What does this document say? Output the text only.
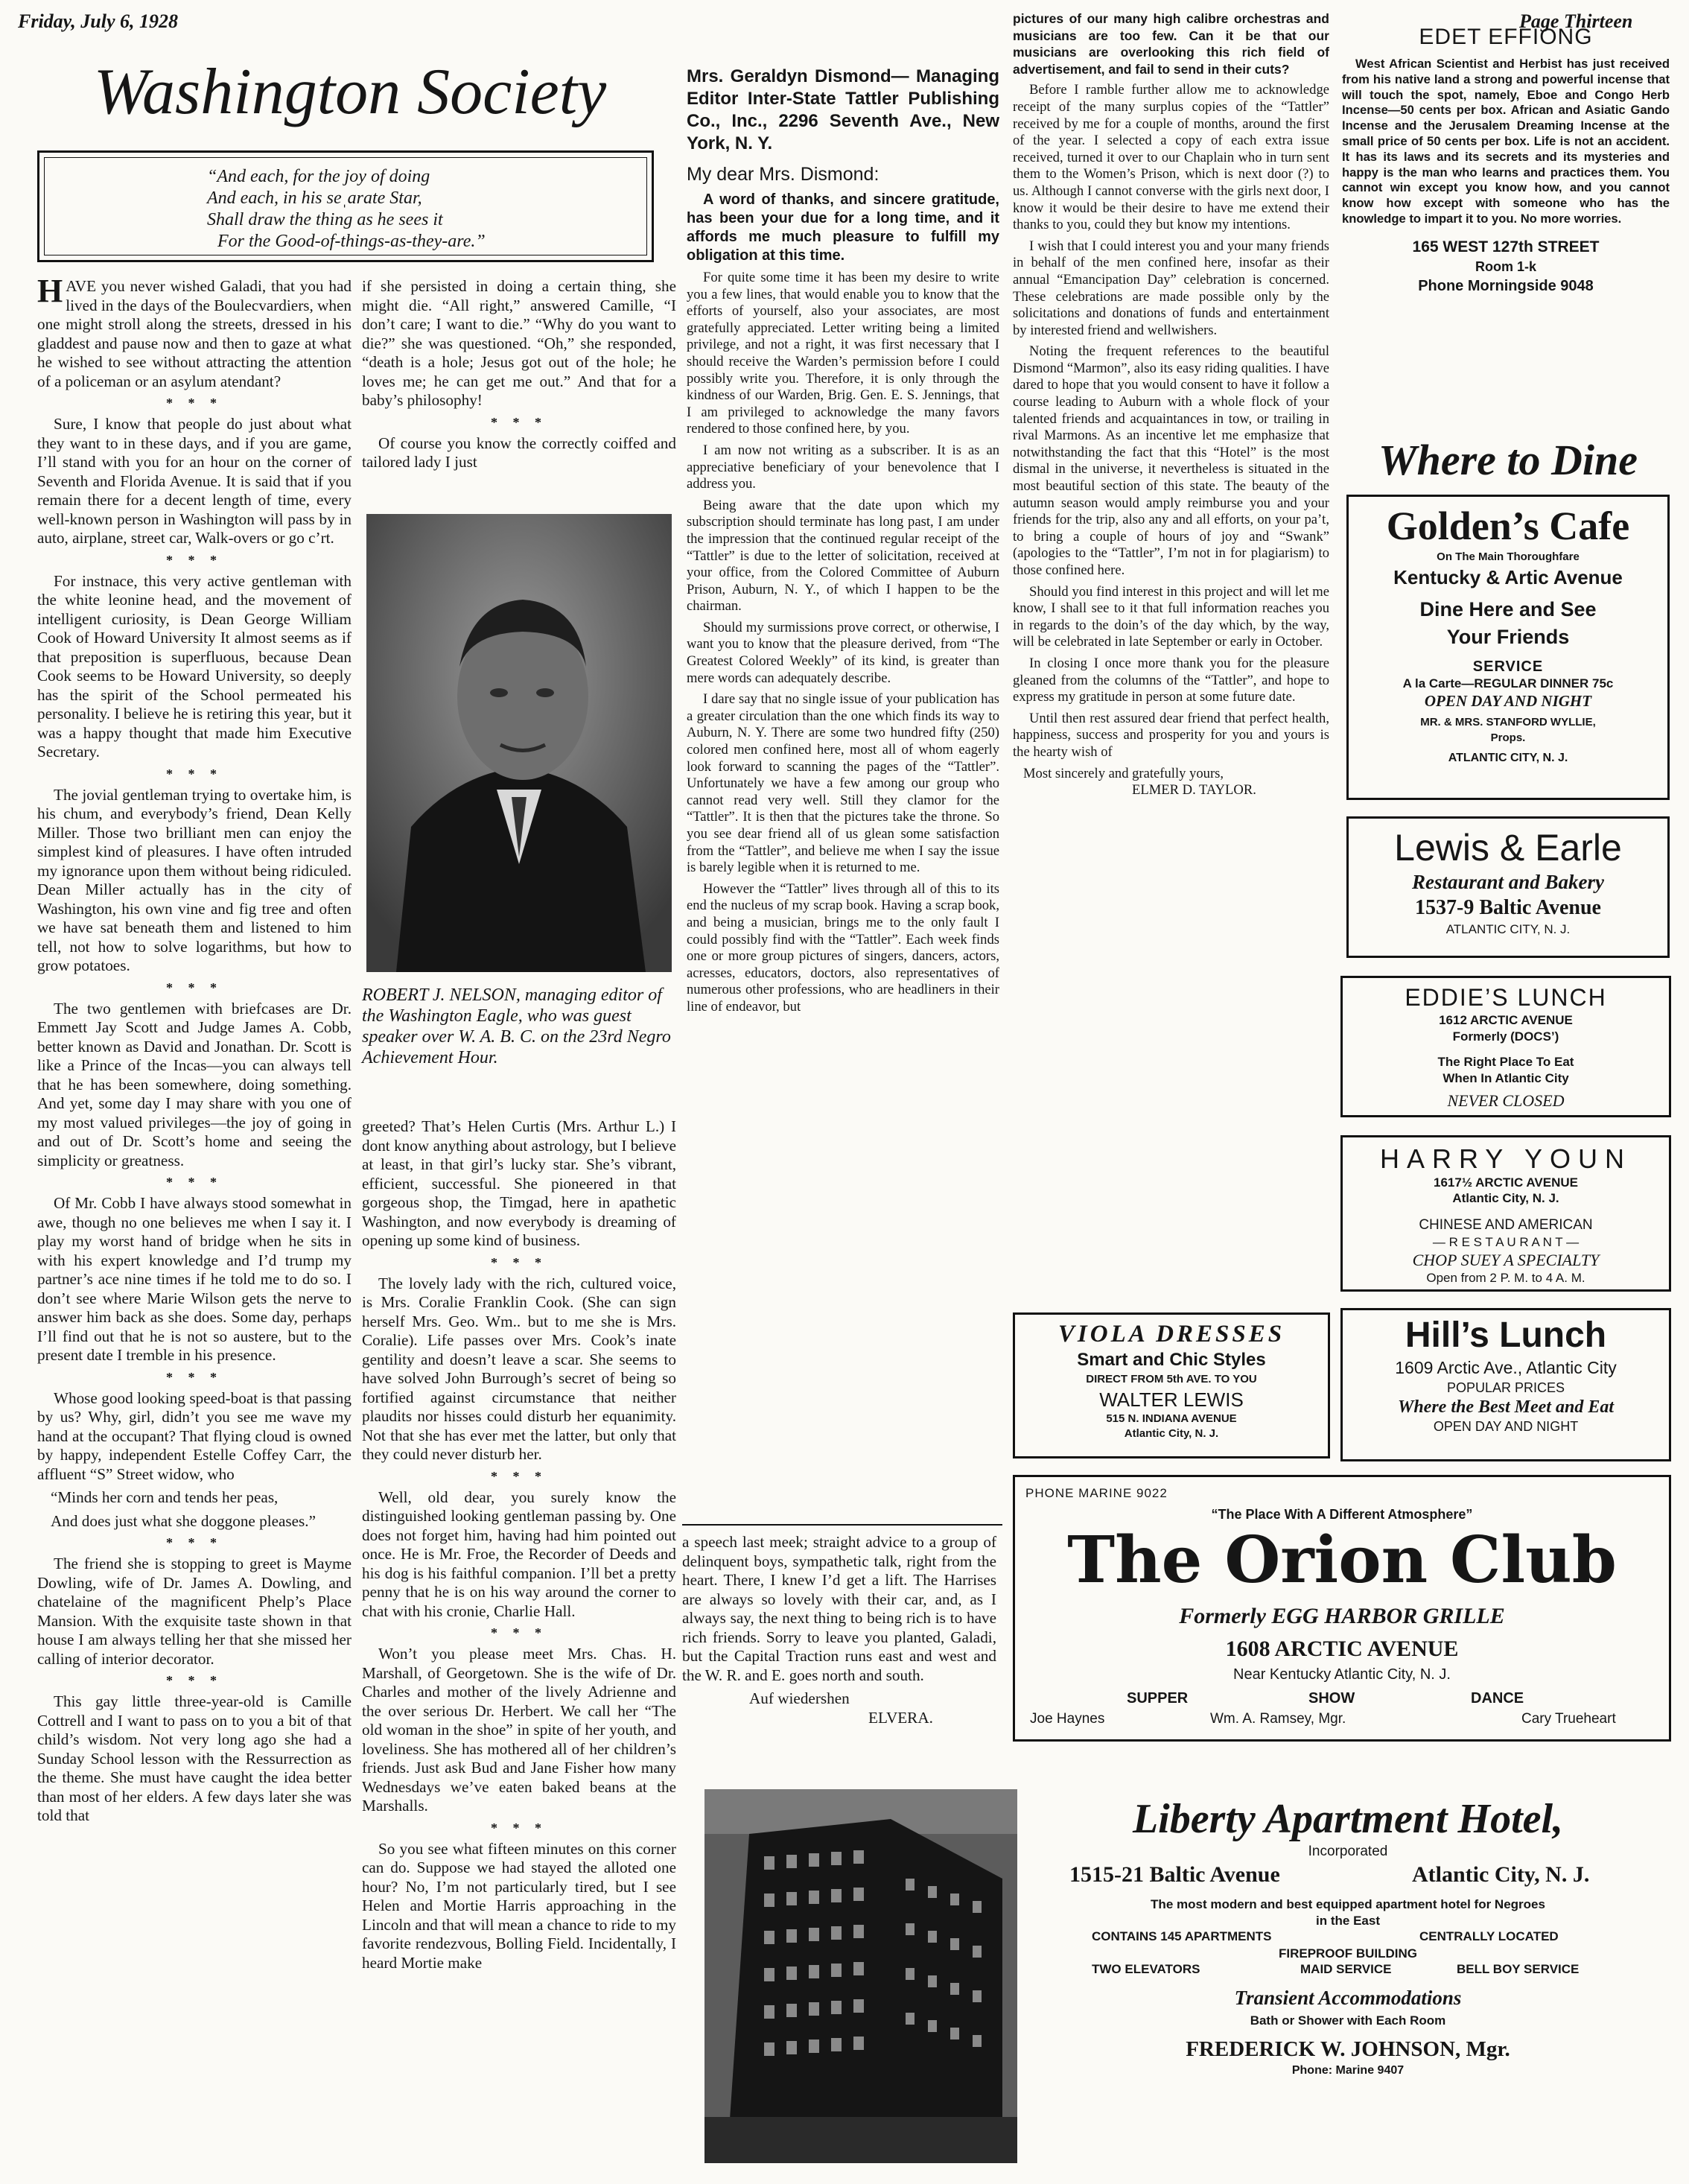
Friday, July 6, 1928	Page Thirteen
Washington Society
“And each, for the joy of doing
And each, in his seˌarate Star,
Shall draw the thing as he sees it
For the Good-of-things-as-they-are.”

HAVE you never wished Galadi, that you had lived in the days of the Boulecvardiers, when one might stroll along the streets, dressed in his gladdest and pause now and then to gaze at what he wished to see without attracting the attention of a policeman or an asylum atendant?

* * *

Sure, I know that people do just about what they want to in these days, and if you are game, I’ll stand with you for an hour on the corner of Seventh and Florida Avenue. It is said that if you remain there for a decent length of time, every well-known person in Washington will pass by in auto, airplane, street car, Walk-overs or go c’rt.

* * *

For instnace, this very active gentleman with the white leonine head, and the movement of intelligent curiosity, is Dean George William Cook of Howard University It almost seems as if that preposition is superfluous, because Dean Cook seems to be Howard University, so deeply has the spirit of the School permeated his personality. I believe he is retiring this year, but it was a happy thought that made him Executive Secretary.

* * *

The jovial gentleman trying to overtake him, is his chum, and everybody’s friend, Dean Kelly Miller. Those two brilliant men can enjoy the simplest kind of pleasures. I have often intruded my ignorance upon them without being ridiculed. Dean Miller actually has in the city of Washington, his own vine and fig tree and often we have sat beneath them and listened to him tell, not how to solve logarithms, but how to grow potatoes.

* * *

The two gentlemen with briefcases are Dr. Emmett Jay Scott and Judge James A. Cobb, better known as David and Jonathan. Dr. Scott is like a Prince of the Incas—you can always tell that he has been somewhere, doing something. And yet, some day I may share with you one of my most valued privileges—the joy of going in and out of Dr. Scott’s home and seeing the simplicity or greatness.

* * *

Of Mr. Cobb I have always stood somewhat in awe, though no one believes me when I say it. I play my worst hand of bridge when he sits in with his expert knowledge and I’d trump my partner’s ace nine times if he told me to do so. I don’t see where Marie Wilson gets the nerve to answer him back as she does. Some day, perhaps I’ll find out that he is not so austere, but to the present date I tremble in his presence.

* * *

Whose good looking speed-boat is that passing by us? Why, girl, didn’t you see me wave my hand at the occupant? That flying cloud is owned by happy, independent Estelle Coffey Carr, the affluent “S” Street widow, who

“Minds her corn and tends her peas,

And does just what she doggone pleases.”

* * *

The friend she is stopping to greet is Mayme Dowling, wife of Dr. James A. Dowling, and chatelaine of the magnificent Phelp’s Place Mansion. With the exquisite taste shown in that house I am always telling her that she missed her calling of interior decorator.

* * *

This gay little three-year-old is Camille Cottrell and I want to pass on to you a bit of that child’s wisdom. Not very long ago she had a Sunday School lesson with the Ressurrection as the theme. She must have caught the idea better than most of her elders. A few days later she was told that

if she persisted in doing a certain thing, she might die. “All right,” answered Camille, “I don’t care; I want to die.” “Why do you want to die?” she was questioned. “Oh,” she responded, “death is a hole; Jesus got out of the hole; he loves me; he can get me out.” And that for a baby’s philosophy!

* * *

Of course you know the correctly coiffed and tailored lady I just

ROBERT J. NELSON, managing editor of the Washington Eagle, who was guest speaker over W. A. B. C. on the 23rd Negro Achievement Hour.

greeted? That’s Helen Curtis (Mrs. Arthur L.) I dont know anything about astrology, but I believe at least, in that girl’s lucky star. She’s vibrant, efficient, successful. She pioneered in that gorgeous shop, the Timgad, here in apathetic Washington, and now everybody is dreaming of opening up some kind of business.

* * *

The lovely lady with the rich, cultured voice, is Mrs. Coralie Franklin Cook. (She can sign herself Mrs. Geo. Wm.. but to me she is Mrs. Coralie). Life passes over Mrs. Cook’s inate gentility and doesn’t leave a scar. She seems to have solved John Burrough’s secret of being so fortified against circumstance that neither plaudits nor hisses could disturb her equanimity. Not that she has ever met the latter, but only that they could never disturb her.

* * *

Well, old dear, you surely know the distinguished looking gentleman passing by. One does not forget him, having had him pointed out once. He is Mr. Froe, the Recorder of Deeds and his dog is his faithful companion. I’ll bet a pretty penny that he is on his way around the corner to chat with his cronie, Charlie Hall.

* * *

Won’t you please meet Mrs. Chas. H. Marshall, of Georgetown. She is the wife of Dr. Charles and mother of the lively Adrienne and the over serious Dr. Herbert. We call her “The old woman in the shoe” in spite of her youth, and loveliness. She has mothered all of her children’s friends. Just ask Bud and Jane Fisher how many Wednesdays we’ve eaten baked beans at the Marshalls.

* * *

So you see what fifteen minutes on this corner can do. Suppose we had stayed the alloted one hour? No, I’m not particularly tired, but I see Helen and Mortie Harris approaching in the Lincoln and that will mean a chance to ride to my favorite rendezvous, Bolling Field. Incidentally, I heard Mortie make

Mrs. Geraldyn Dismond— Managing Editor Inter-State Tattler Publishing Co., Inc., 2296 Seventh Ave., New York, N. Y.
My dear Mrs. Dismond:

A word of thanks, and sincere gratitude, has been your due for a long time, and it affords me much pleasure to fulfill my obligation at this time.

For quite some time it has been my desire to write you a few lines, that would enable you to know that the efforts of yourself, also your associates, are most gratefully appreciated. Letter writing being a limited privilege, and not a right, it was first necessary that I should receive the Warden’s permission before I could possibly write you. Therefore, it is only through the kindness of our Warden, Brig. Gen. E. S. Jennings, that I am privileged to acknowledge the many favors rendered to those confined here, by you.

I am now not writing as a subscriber. It is as an appreciative beneficiary of your benevolence that I address you.

Being aware that the date upon which my subscription should terminate has long past, I am under the impression that the continued regular receipt of the “Tattler” is due to the letter of solicitation, received at your office, from the Colored Committee of Auburn Prison, Auburn, N. Y., of which I happen to be the chairman.

Should my surmissions prove correct, or otherwise, I want you to know that the pleasure derived, from “The Greatest Colored Weekly” of its kind, is greater than mere words can adequately describe.

I dare say that no single issue of your publication has a greater circulation than the one which finds its way to Auburn, N. Y. There are some two hundred fifty (250) colored men confined here, most all of whom eagerly look forward to scanning the pages of the “Tattler”. Unfortunately we have a few among our group who cannot read very well. Still they clamor for the “Tattler”. It is then that the pictures take the throne. So you see dear friend all of us glean some satisfaction from the “Tattler”, and believe me when I say the issue is barely legible when it is returned to me.

However the “Tattler” lives through all of this to its end the nucleus of my scrap book. Having a scrap book, and being a musician, brings me to the only fault I could possibly find with the “Tattler”. Each week finds one or more group pictures of singers, dancers, actors, acresses, educators, doctors, also representatives of numerous other professions, who are headliners in their line of endeavor, but

a speech last meek; straight advice to a group of delinquent boys, sympathetic talk, right from the heart. There, I knew I’d get a lift. The Harrises are always so lovely with their car, and, as I always say, the next thing to being rich is to have rich friends. Sorry to leave you planted, Galadi, but the Capital Traction runs east and west and the W. R. and E. goes north and south.

Auf wiedershen
ELVERA.

pictures of our many high calibre orchestras and musicians are too few. Can it be that our musicians are overlooking this rich field of advertisement, and fail to send in their cuts?

Before I ramble further allow me to acknowledge receipt of the many surplus copies of the “Tattler” received by me for a couple of months, around the first of the year. I selected a copy of each extra issue received, turned it over to our Chaplain who in turn sent them to the Women’s Prison, which is next door (?) to us. Although I cannot converse with the girls next door, I know it would be their desire to have me extend their thanks to you, could they but know my intentions.

I wish that I could interest you and your many friends in behalf of the men confined here, insofar as their annual “Emancipation Day” celebration is concerned. These celebrations are made possible only by the solicitations and donations of funds and entertainment by interested friend and wellwishers.

Noting the frequent references to the beautiful Dismond “Marmon”, also its easy riding qualities. I have dared to hope that you would consent to have it follow a course leading to Auburn with a whole flock of your talented friends and acquaintances in tow, or trailing in rival Marmons. As an incentive let me emphasize that notwithstanding the fact that this “Hotel” is the most dismal in the universe, it nevertheless is situated in the most beautiful section of this state. The beauty of the autumn season would amply reimburse you and your friends for the trip, also any and all efforts, on your paʼt, to bring a couple of hours of joy and “Swank” (apologies to the “Tattler”, I’m not in for plagiarism) to those confined here.

Should you find interest in this project and will let me know, I shall see to it that full information reaches you in regards to the doin’s of the day which, by the way, will be celebrated in late September or early in October.

In closing I once more thank you for the pleasure gleaned from the columns of the “Tattler”, and hope to express my gratitude in person at some future date.

Until then rest assured dear friend that perfect health, happiness, success and prosperity for you and yours is the hearty wish of

Most sincerely and gratefully yours,
ELMER D. TAYLOR.
EDET EFFIONG
West African Scientist and Herbist has just received from his native land a strong and powerful incense that will touch the spot, namely, Eboe and Congo Herb Incense—50 cents per box. African and Asiatic Gando Incense and the Jerusalem Dreaming Incense at the small price of 50 cents per box. Life is not an accident. It has its laws and its secrets and its mysteries and happy is the man who learns and practices them. You cannot win except you know how, and you cannot know how except with someone who has the knowledge to impart it to you. No more worries.
165 WEST 127th STREET
Room 1-k
Phone Morningside 9048
Where to Dine
Golden’s Cafe
On The Main Thoroughfare
Kentucky & Artic Avenue
Dine Here and See
Your Friends
SERVICE
A la Carte—REGULAR DINNER 75c
OPEN DAY AND NIGHT
MR. & MRS. STANFORD WYLLIE,
Props.
ATLANTIC CITY, N. J.
Lewis & Earle
Restaurant and Bakery
1537-9 Baltic Avenue
ATLANTIC CITY, N. J.
EDDIE’S LUNCH
1612 ARCTIC AVENUE
Formerly (DOCS’)
The Right Place To Eat
When In Atlantic City
NEVER CLOSED
HARRY YOUN
1617½ ARCTIC AVENUE
Atlantic City, N. J.
CHINESE AND AMERICAN
— R E S T A U R A N T —
CHOP SUEY A SPECIALTY
Open from 2 P. M. to 4 A. M.
VIOLA DRESSES
Smart and Chic Styles
DIRECT FROM 5th AVE. TO YOU
WALTER LEWIS
515 N. INDIANA AVENUE
Atlantic City, N. J.
Hill’s Lunch
1609 Arctic Ave., Atlantic City
POPULAR PRICES
Where the Best Meet and Eat
OPEN DAY AND NIGHT
PHONE MARINE 9022
“The Place With A Different Atmosphere”
The Orion Club
Formerly EGG HARBOR GRILLE
1608 ARCTIC AVENUE
Near Kentucky Atlantic City, N. J.
SUPPER	SHOW	DANCE
Joe Haynes	Wm. A. Ramsey, Mgr.	Cary Trueheart
Liberty Apartment Hotel,
Incorporated
1515-21 Baltic Avenue	Atlantic City, N. J.
The most modern and best equipped apartment hotel for Negroes
in the East
CONTAINS 145 APARTMENTS	CENTRALLY LOCATED
FIREPROOF BUILDING
TWO ELEVATORS	MAID SERVICE	BELL BOY SERVICE
Transient Accommodations
Bath or Shower with Each Room
FREDERICK W. JOHNSON, Mgr.
Phone: Marine 9407
